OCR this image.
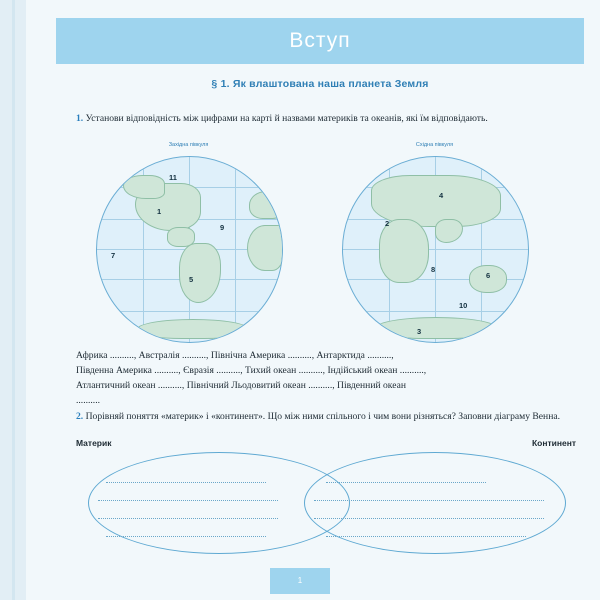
Вступ
§ 1. Як влаштована наша планета Земля
1. Установи відповідність між цифрами на карті й назвами материків та океанів, які їм відповідають.
Західна півкуля	Східна півкуля
11
1
9
7
5
4
2
8
6
10
3
Африка .........., Австралія .........., Північна Америка .........., Антарктида ..........,
Південна Америка .........., Євразія .........., Тихий океан .........., Індійський океан ..........,
Атлантичний океан .........., Північний Льодовитий океан .........., Південний океан
..........
2. Порівняй поняття «материк» і «континент». Що між ними спільного і чим вони різняться? Заповни діаграму Венна.
Материк	Континент
1
